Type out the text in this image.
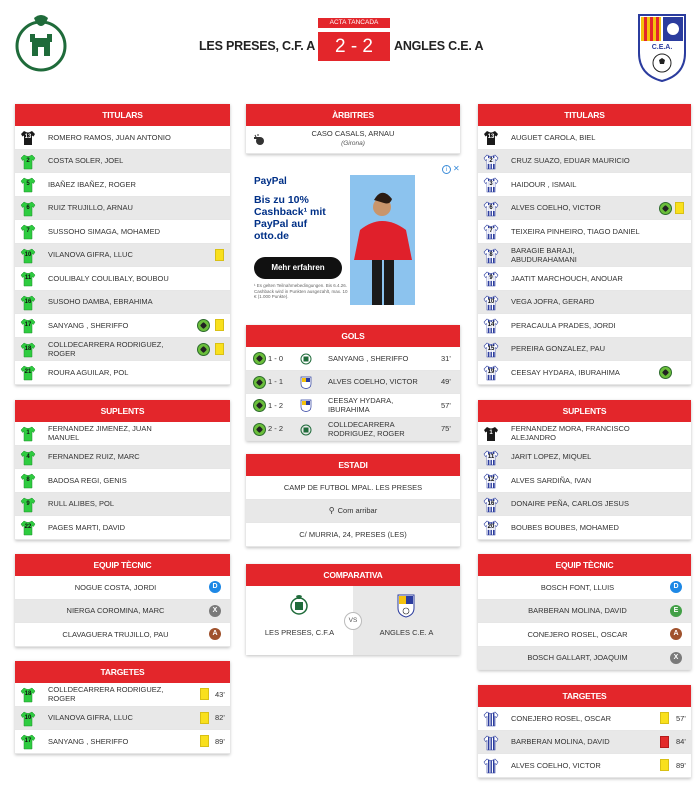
LES PRESES, C.F. A
ACTA TANCADA
2 - 2	ANGLES C.E. A	C.E.A.
TITULARS
13	ROMERO RAMOS, JUAN ANTONIO
2	COSTA SOLER, JOEL
5	IBAÑEZ IBAÑEZ, ROGER
6	RUIZ TRUJILLO, ARNAU
7	SUSSOHO SIMAGA, MOHAMED
10	VILANOVA GIFRA, LLUC
11	COULIBALY COULIBALY, BOUBOU
16	SUSOHO DAMBA, EBRAHIMA
17	SANYANG , SHERIFFO
18	COLLDECARRERA RODRIGUEZ, ROGER
21	ROURA AGUILAR, POL
SUPLENTS
1	FERNANDEZ JIMENEZ, JUAN MANUEL
4	FERNANDEZ RUIZ, MARC
8	BADOSA REGI, GENIS
9	RULL ALIBES, POL
22	PAGES MARTI, DAVID
EQUIP TÈCNIC
NOGUE COSTA, JORDI	D
NIERGA COROMINA, MARC	X
CLAVAGUERA TRUJILLO, PAU	A
TARGETES
18	COLLDECARRERA RODRIGUEZ, ROGER	43'
10	VILANOVA GIFRA, LLUC	82'
17	SANYANG , SHERIFFO	89'
ÀRBITRES
CASO CASALS, ARNAU
(Girona)
i ✕
PayPal
Bis zu 10% Cashback¹ mit PayPal auf otto.de
Mehr erfahren
¹ Es gelten Teilnahmebedingungen. Bis 6.4.26. Cashback wird in Punkten ausgezahlt, max. 10 € (1.000 Punkte).
GOLS
1 - 0	SANYANG , SHERIFFO	31'
1 - 1	ALVES COELHO, VICTOR	49'
1 - 2	CEESAY HYDARA, IBURAHIMA	57'
2 - 2	COLLDECARRERA RODRIGUEZ, ROGER	75'
ESTADI
CAMP DE FUTBOL MPAL. LES PRESES
⚲ Com arribar
C/ MURRIA, 24, PRESES (LES)
COMPARATIVA
LES PRESES, C.F.A	ANGLES C.E. A
VS
TITULARS
13	AUGUET CAROLA, BIEL
2	CRUZ SUAZO, EDUAR MAURICIO
3	HAIDOUR , ISMAIL
6	ALVES COELHO, VICTOR
7	TEIXEIRA PINHEIRO, TIAGO DANIEL
8	BARAGIE BARAJI, ABUDURAHAMANI
9	JAATIT MARCHOUCH, ANOUAR
10 VEGA JOFRA, GERARD
14 PERACAULA PRADES, JORDI
15 PEREIRA GONZALEZ, PAU
19 CEESAY HYDARA, IBURAHIMA
SUPLENTS
1	FERNANDEZ MORA, FRANCISCO ALEJANDRO
11 JARIT LOPEZ, MIQUEL
12 ALVES SARDIÑA, IVAN
16 DONAIRE PEÑA, CARLOS JESUS
20 BOUBES BOUBES, MOHAMED
EQUIP TÈCNIC
BOSCH FONT, LLUIS	D
BARBERAN MOLINA, DAVID	E
CONEJERO ROSEL, OSCAR	A
BOSCH GALLART, JOAQUIM	X
TARGETES
CONEJERO ROSEL, OSCAR	57'
BARBERAN MOLINA, DAVID	84'
ALVES COELHO, VICTOR	89'
